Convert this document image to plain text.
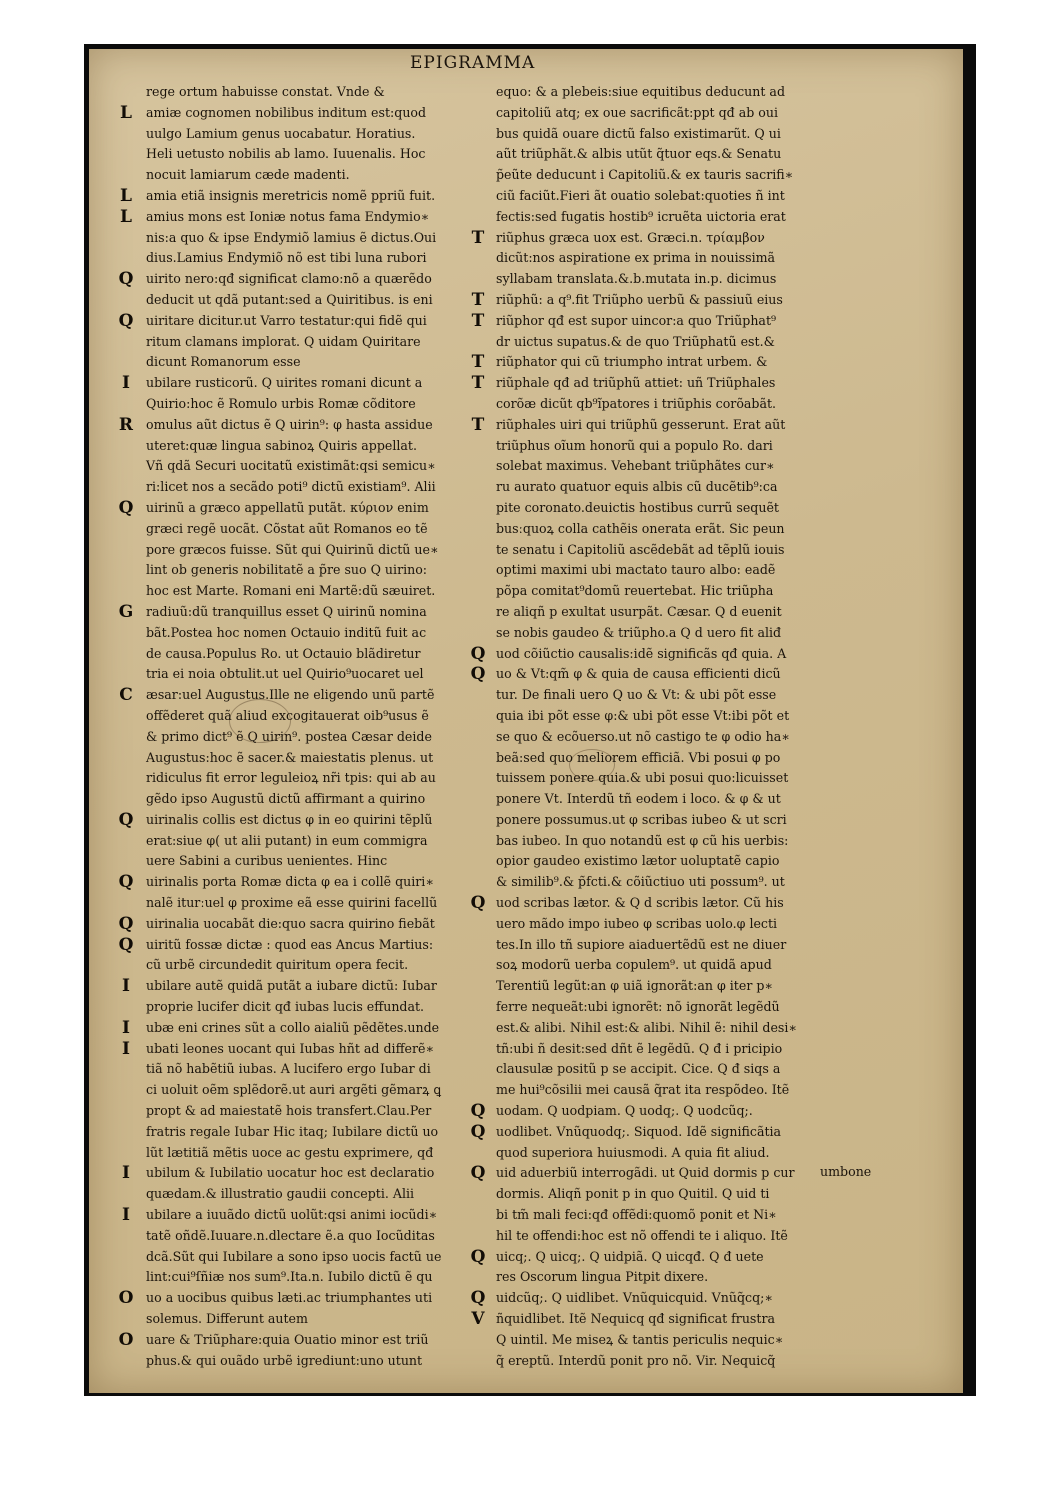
EPIGRAMMA
rege ortum habuisse constat. Vnde &
L amiæ cognomen nobilibus inditum est:quod
uulgo Lamium genus uocabatur. Horatius.
Heli uetusto nobilis ab lamo. Iuuenalis. Hoc
nocuit lamiarum cæde madenti.
L amia etiã insignis meretricis nomẽ ppriũ fuit.
L amius mons est Ioniæ notus fama Endymio∗
nis:a quo & ipse Endymiõ lamius ẽ dictus.Oui
dius.Lamius Endymiõ nõ est tibi luna rubori
Q uirito nero:qđ significat clamo:nõ a quærẽdo
deducit ut qdã putant:sed a Quiritibus. is eni
Q uiritare dicitur.ut Varro testatur:qui fidẽ qui
ritum clamans implorat. Q uidam Quiritare
dicunt Romanorum esse
I	ubilare rusticorũ. Q uirites romani dicunt a
Quirio:hoc ẽ Romulo urbis Romæ cõditore
R omulus aũt dictus ẽ Q uirin⁹: φ hasta assidue
uteret:quæ lingua sabinoꝝ Quiris appellat.
Vñ qdã Securi uocitatũ existimãt:qsi semicu∗
ri:licet nos a secãdo poti⁹ dictũ existiam⁹. Alii
Q uirinũ a græco appellatũ putãt. κύριον enim
græci regẽ uocãt. Cõstat aũt Romanos eo tẽ
pore græcos fuisse. Sũt qui Quirinũ dictũ ue∗
lint ob generis nobilitatẽ a p̃re suo Q uirino:
hoc est Marte. Romani eni Martẽ:dũ sæuiret.
G radiuũ:dũ tranquillus esset Q uirinũ nomina
bãt.Postea hoc nomen Octauio inditũ fuit ac
de causa.Populus Ro. ut Octauio blãdiretur
tria ei noia obtulit.ut uel Quirio⁹uocaret uel
C æsar:uel Augustus.Ille ne eligendo unũ partẽ
offẽderet quã aliud excogitauerat oib⁹usus ẽ
& primo dict⁹ ẽ Q uirin⁹. postea Cæsar deide
Augustus:hoc ẽ sacer.& maiestatis plenus. ut
ridiculus fit error leguleioꝝ nr̃i tpis: qui ab au
gẽdo ipso Augustũ dictũ affirmant a quirino
Q uirinalis collis est dictus φ in eo quirini tẽplũ
erat:siue φ( ut alii putant) in eum commigra
uere Sabini a curibus uenientes. Hinc
Q uirinalis porta Romæ dicta φ ea i collẽ quiri∗
nalẽ iturːuel φ proxime eã esse quirini facellũ
Q uirinalia uocabãt die:quo sacra quirino fiebãt
Q uiritũ fossæ dictæ : quod eas Ancus Martius:
cũ urbẽ circundedit quiritum opera fecit.
I	ubilare autẽ quidã putãt a iubare dictũ: Iubar
proprie lucifer dicit qđ iubas lucis effundat.
I	ubæ eni crines sũt a collo aialiũ pẽdẽtes.unde
I	ubati leones uocant qui Iubas hñt ad differẽ∗
tiã nõ habẽtiũ iubas. A lucifero ergo Iubar di
ci uoluit oẽm splẽdorẽ.ut auri argẽti gẽmarꝝ ꝗ
propt & ad maiestatẽ hois transfert.Clau.Per
fratris regale Iubar Hic itaq; Iubilare dictũ uo
lũt lætitiã mẽtis uoce ac gestu exprimere, qđ
I	ubilum & Iubilatio uocatur hoc est declaratio
quædam.& illustratio gaudii concepti. Alii
I	ubilare a iuuãdo dictũ uolũt:qsi animi iocũdi∗
tatẽ oñdẽ.Iuuare.n.dlectare ẽ.a quo Iocũditas
dcã.Sũt qui Iubilare a sono ipso uocis factũ ue
lint:cui⁹ſñiæ nos sum⁹.Ita.n. Iubilo dictũ ẽ qu
O uo a uocibus quibus læti.ac triumphantes uti
solemus. Differunt autem
O uare & Triũphare:quia Ouatio minor est triũ
phus.& qui ouãdo urbẽ igrediunt:uno utunt
equo: & a plebeis:siue equitibus deducunt ad
capitoliũ atq; ex oue sacrificãt:ppt qđ ab oui
bus quidã ouare dictũ falso existimarũt. Q ui
aũt triũphãt.& albis utũt q̃tuor eqs.& Senatu
p̃eũte deducunt i Capitoliũ.& ex tauris sacrifi∗
ciũ faciũt.Fieri ãt ouatio solebat:quoties ñ int
fectis:sed fugatis hostib⁹ icruẽta uictoria erat
T riũphus græca uox est. Græci.n. τρίαμβον
dicũt:nos aspiratione ex prima in nouissimã
syllabam translata.&.b.mutata in.p. dicimus
T riũphũ: a q⁹.fit Triũpho uerbũ & passiuũ eius
T riũphor qđ est supor uincor:a quo Triũphat⁹
dr uictus supatus.& de quo Triũphatũ est.&
T riũphator qui cũ triumpho intrat urbem. &
T riũphale qđ ad triũphũ attiet: uñ Triũphales
corõæ dicũt qb⁹ĩpatores i triũphis corõabãt.
T riũphales uiri qui triũphũ gesserunt. Erat aũt
triũphus oĩum honorũ qui a populo Ro. dari
solebat maximus. Vehebant triũphãtes cur∗
ru aurato quatuor equis albis cũ ducẽtib⁹:ca
pite coronato.deuictis hostibus currũ sequẽt
busːquoꝝ colla cathẽis onerata erãt. Sic peun
te senatu i Capitoliũ ascẽdebãt ad tẽplũ iouis
optimi maximi ubi mactato tauro albo: eadẽ
põpa comitat⁹domũ reuertebat. Hic triũpha
re aliqñ p exultat usurpãt. Cæsar. Q d euenit
se nobis gaudeo & triũpho.a Q d uero fit aliđ
Q uod cõiũctio causalis:idẽ significãs qđ quia. A
Q uo & Vt:qm̃ φ & quia de causa efficienti dicũ
tur. De finali uero Q uo & Vt: & ubi põt esse
quia ibi põt esse φ:& ubi põt esse Vt:ibi põt et
se quo & ecõuerso.ut nõ castigo te φ odio ha∗
beã:sed quo meliorem efficiã. Vbi posui φ po
tuissem ponere quia.& ubi posui quo:licuisset
ponere Vt. Interdũ tñ eodem i loco. & φ & ut
ponere possumus.ut φ scribas iubeo & ut scri
bas iubeo. In quo notandũ est φ cũ his uerbis:
opior gaudeo existimo lætor uoluptatẽ capio
& similib⁹.& p̃fcti.& cõiũctiuo uti possum⁹. ut
Q uod scribas lætor. & Q d scribis lætor. Cũ his
uero mãdo impo iubeo φ scribas uolo.φ lecti
tes.In illo tñ supiore aiaduertẽdũ est ne diuer
soꝝ modorũ uerba copulem⁹. ut quidã apud
Terentiũ legũt:an φ uiã ignorãt:an φ iter p∗
ferre nequeãt:ubi ignorẽt: nõ ignorãt legẽdũ
est.& alibi. Nihil est:& alibi. Nihil ẽ: nihil desi∗
tñ:ubi ñ desit:sed dñt ẽ legẽdũ. Q đ i pricipio
clausulæ positũ p se accipit. Cice. Q đ siqs a
me hui⁹cõsilii mei causã q̃rat ita respõdeo. Itẽ
Q uodam. Q uodpiam. Q uodq;. Q uodcũq;.
Q uodlibet. Vnũquodq;. Siquod. Idẽ significãtia
quod superiora huiusmodi. A quia fit aliud.
Q uid aduerbiũ interrogãdi. ut Quid dormis p cur
dormis. Aliqñ ponit p in quo Quitil. Q uid ti
bi tm̃ mali feci:qđ offẽdi:quomõ ponit et Ni∗
hil te offendi:hoc est nõ offendi te i aliquo. Itẽ
Q uicq;. Q uicq;. Q uidpiã. Q uicqđ. Q đ uete
res Oscorum lingua Pitpit dixere.
Q uidcũq;. Q uidlibet. Vnũquicquid. Vnũq̃cq;∗
V ñquidlibet. Itẽ Nequicq qđ significat frustra
Q uintil. Me miseꝝ & tantis periculis nequic∗
q̃ ereptũ. Interdũ ponit pro nõ. Vir. Nequicq̃
umbone
